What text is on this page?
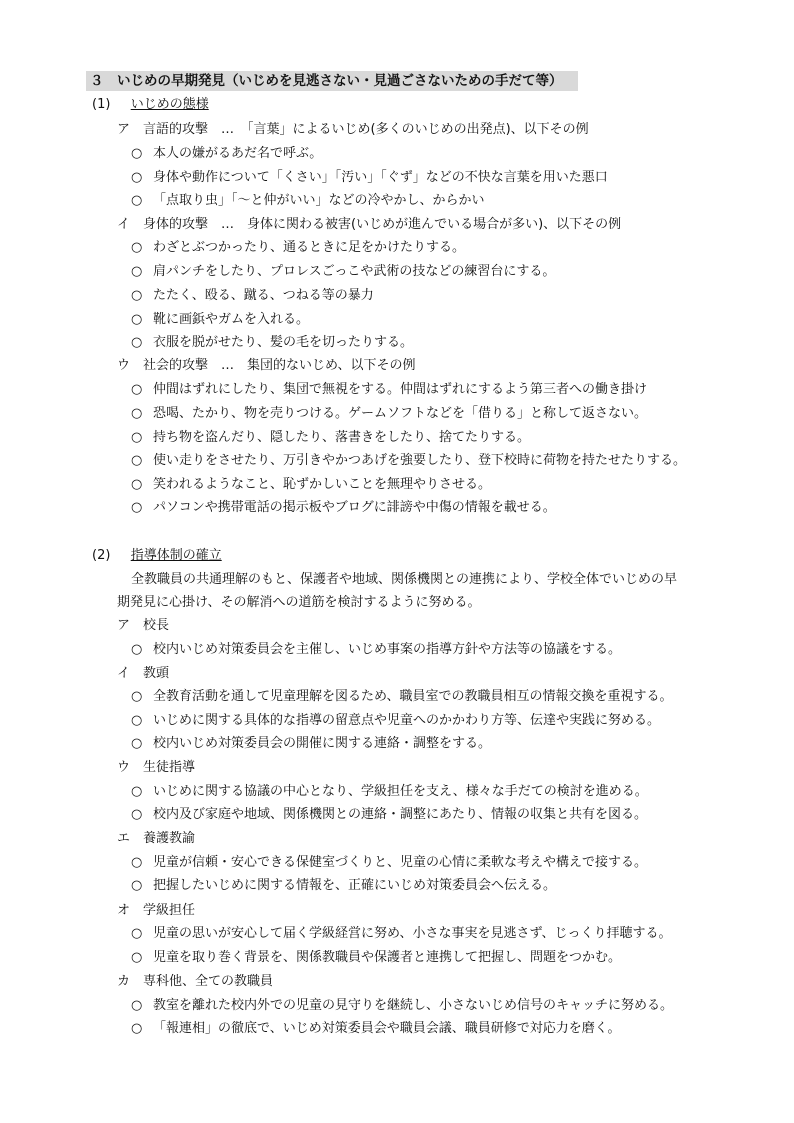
３　いじめの早期発見（いじめを見逃さない・見過ごさないための手だて等）
(1) いじめの態様
ア　言語的攻撃　…　「言葉」によるいじめ(多くのいじめの出発点)、以下その例
○ 本人の嫌がるあだ名で呼ぶ。
○ 身体や動作について「くさい」「汚い」「ぐず」などの不快な言葉を用いた悪口
○ 「点取り虫」「～と仲がいい」などの冷やかし、からかい
イ　身体的攻撃　…　身体に関わる被害(いじめが進んでいる場合が多い)、以下その例
○ わざとぶつかったり、通るときに足をかけたりする。
○ 肩パンチをしたり、プロレスごっこや武術の技などの練習台にする。
○ たたく、殴る、蹴る、つねる等の暴力
○ 靴に画鋲やガムを入れる。
○ 衣服を脱がせたり、髪の毛を切ったりする。
ウ　社会的攻撃　…　集団的ないじめ、以下その例
○ 仲間はずれにしたり、集団で無視をする。仲間はずれにするよう第三者への働き掛け
○ 恐喝、たかり、物を売りつける。ゲームソフトなどを「借りる」と称して返さない。
○ 持ち物を盗んだり、隠したり、落書きをしたり、捨てたりする。
○ 使い走りをさせたり、万引きやかつあげを強要したり、登下校時に荷物を持たせたりする。
○ 笑われるようなこと、恥ずかしいことを無理やりさせる。
○ パソコンや携帯電話の掲示板やブログに誹謗や中傷の情報を載せる。
(2) 指導体制の確立
全教職員の共通理解のもと、保護者や地域、関係機関との連携により、学校全体でいじめの早
期発見に心掛け、その解消への道筋を検討するように努める。
ア　校長
○ 校内いじめ対策委員会を主催し、いじめ事案の指導方針や方法等の協議をする。
イ　教頭
○ 全教育活動を通して児童理解を図るため、職員室での教職員相互の情報交換を重視する。
○ いじめに関する具体的な指導の留意点や児童へのかかわり方等、伝達や実践に努める。
○ 校内いじめ対策委員会の開催に関する連絡・調整をする。
ウ　生徒指導
○ いじめに関する協議の中心となり、学級担任を支え、様々な手だての検討を進める。
○ 校内及び家庭や地域、関係機関との連絡・調整にあたり、情報の収集と共有を図る。
エ　養護教諭
○ 児童が信頼・安心できる保健室づくりと、児童の心情に柔軟な考えや構えで接する。
○ 把握したいじめに関する情報を、正確にいじめ対策委員会へ伝える。
オ　学級担任
○ 児童の思いが安心して届く学級経営に努め、小さな事実を見逃さず、じっくり拝聴する。
○ 児童を取り巻く背景を、関係教職員や保護者と連携して把握し、問題をつかむ。
カ　専科他、全ての教職員
○ 教室を離れた校内外での児童の見守りを継続し、小さないじめ信号のキャッチに努める。
○ 「報連相」の徹底で、いじめ対策委員会や職員会議、職員研修で対応力を磨く。
